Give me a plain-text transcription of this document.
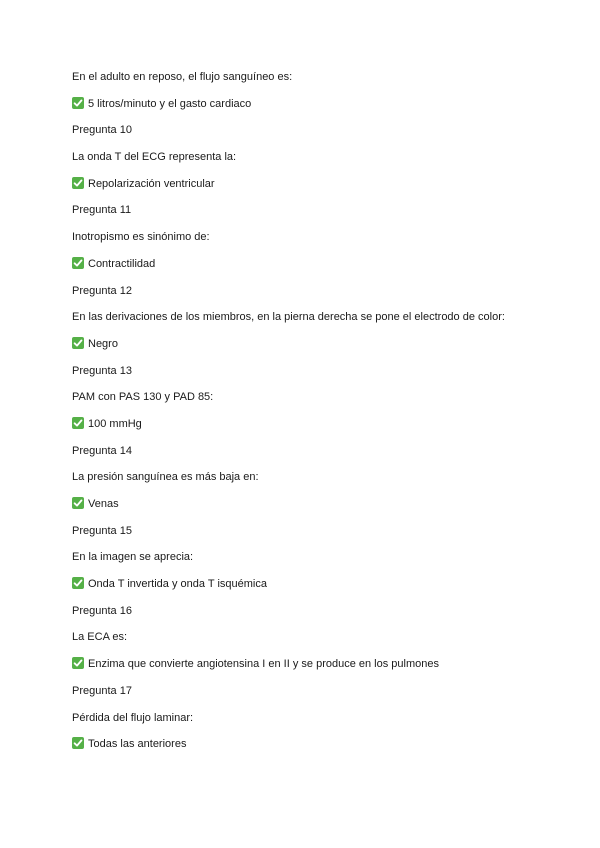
En el adulto en reposo, el flujo sanguíneo es:
5 litros/minuto y el gasto cardiaco
Pregunta 10
La onda T del ECG representa la:
Repolarización ventricular
Pregunta 11
Inotropismo es sinónimo de:
Contractilidad
Pregunta 12
En las derivaciones de los miembros, en la pierna derecha se pone el electrodo de color:
Negro
Pregunta 13
PAM con PAS 130 y PAD 85:
100 mmHg
Pregunta 14
La presión sanguínea es más baja en:
Venas
Pregunta 15
En la imagen se aprecia:
Onda T invertida y onda T isquémica
Pregunta 16
La ECA es:
Enzima que convierte angiotensina I en II y se produce en los pulmones
Pregunta 17
Pérdida del flujo laminar:
Todas las anteriores
